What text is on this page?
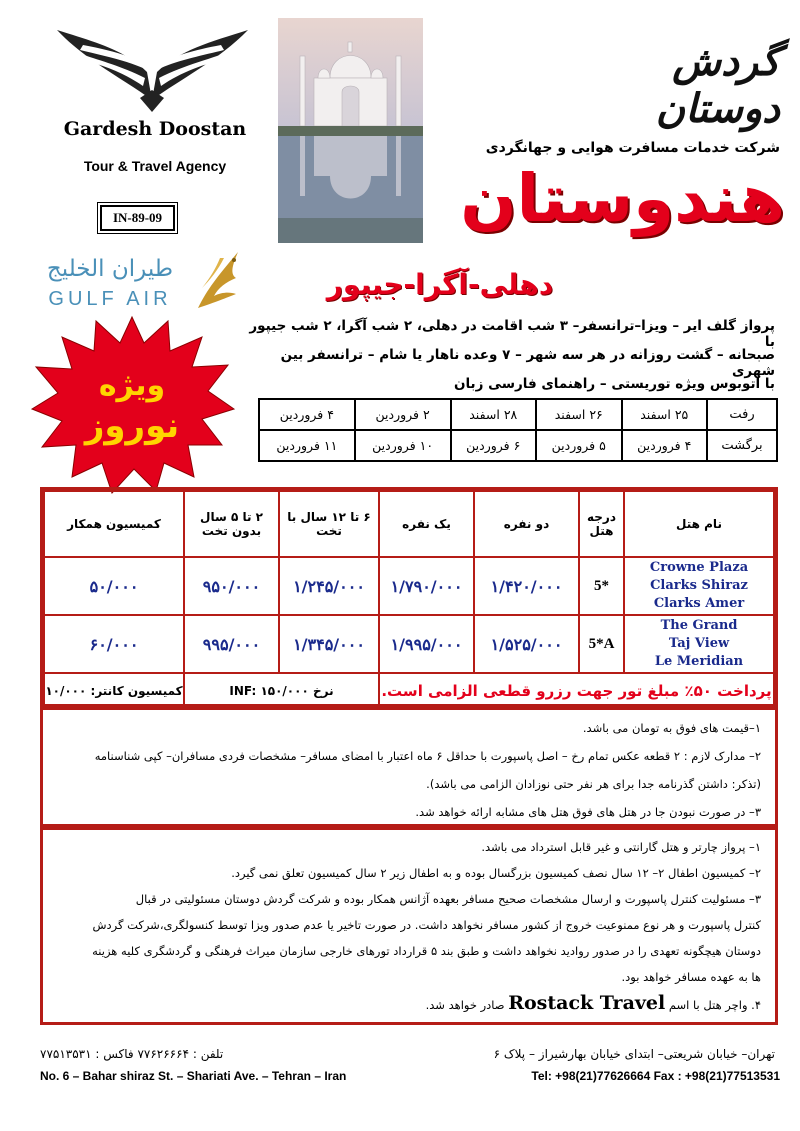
Gardesh Doostan
Tour & Travel Agency
IN-89-09
طيران الخليج
GULF AIR
گردش دوستان
شرکت خدمات مسافرت هوایی و جهانگردی
هندوستان
دهلی-آگرا-جیپور
پرواز گلف ایر – ویزا–ترانسفر– ۳ شب اقامت در دهلی، ۲ شب آگرا، ۲ شب جیپور با
صبحانه – گشت روزانه در هر سه شهر – ۷ وعده ناهار یا شام – ترانسفر بین شهری
با اتوبوس ویژه توریستی – راهنمای فارسی زبان
ویژه
نوروز	رفت	۲۵ اسفند	۲۶ اسفند	۲۸ اسفند	۲ فروردین	۴ فروردین
برگشت	۴ فروردین	۵ فروردین	۶ فروردین	۱۰ فروردین	۱۱ فروردین
نام هتل	درجه هتل	دو نفره	یک نفره	۶ تا ۱۲ سال با تخت	۲ تا ۵ سال بدون تخت	کمیسیون همکار

Crowne Plaza
Clarks Shiraz
Clarks Amer	5*	۱/۴۲۰/۰۰۰	۱/۷۹۰/۰۰۰	۱/۲۴۵/۰۰۰	۹۵۰/۰۰۰	۵۰/۰۰۰

The Grand
Taj View
Le Meridian	5*A	۱/۵۲۵/۰۰۰	۱/۹۹۵/۰۰۰	۱/۳۴۵/۰۰۰	۹۹۵/۰۰۰	۶۰/۰۰۰
پرداخت ۵۰٪ مبلغ تور جهت رزرو قطعی الزامی است.				نرخ INF: ۱۵۰/۰۰۰		کمیسیون کانتر: ۱۰/۰۰۰
۱–قیمت های فوق به تومان می باشد.
۲– مدارک لازم : ۲ قطعه عکس تمام رخ – اصل پاسپورت با حداقل ۶ ماه اعتبار با امضای مسافر– مشخصات فردی مسافران– کپی شناسنامه
(تذکر: داشتن گذرنامه جدا برای هر نفر حتی نوزادان الزامی می باشد).
۳– در صورت نبودن جا در هتل های فوق هتل های مشابه ارائه خواهد شد.
۱– پرواز چارتر و هتل گارانتی و غیر قابل استرداد می باشد.
۲– کمیسیون اطفال ۲– ۱۲ سال نصف کمیسیون بزرگسال بوده و به اطفال زیر ۲ سال کمیسیون تعلق نمی گیرد.
۳– مسئولیت کنترل پاسپورت و ارسال مشخصات صحیح مسافر بعهده آژانس همکار بوده و شرکت گردش دوستان مسئولیتی در قبال
کنترل پاسپورت و هر نوع ممنوعیت خروج از کشور مسافر نخواهد داشت. در صورت تاخیر یا عدم صدور ویزا توسط کنسولگری،شرکت گردش
دوستان هیچگونه تعهدی را در صدور روادید نخواهد داشت و طبق بند ۵ قرارداد تورهای خارجی سازمان میراث فرهنگی و گردشگری کلیه هزینه
ها به عهده مسافر خواهد بود.
۴. واچر هتل با اسم Rostack Travel صادر خواهد شد.
تهران– خیابان شریعتی– ابتدای خیابان بهارشیراز – پلاک ۶
تلفن : ۷۷۶۲۶۶۶۴ فاکس : ۷۷۵۱۳۵۳۱
No. 6 – Bahar shiraz St. – Shariati Ave. – Tehran – Iran	Tel: +98(21)77626664 Fax : +98(21)77513531
